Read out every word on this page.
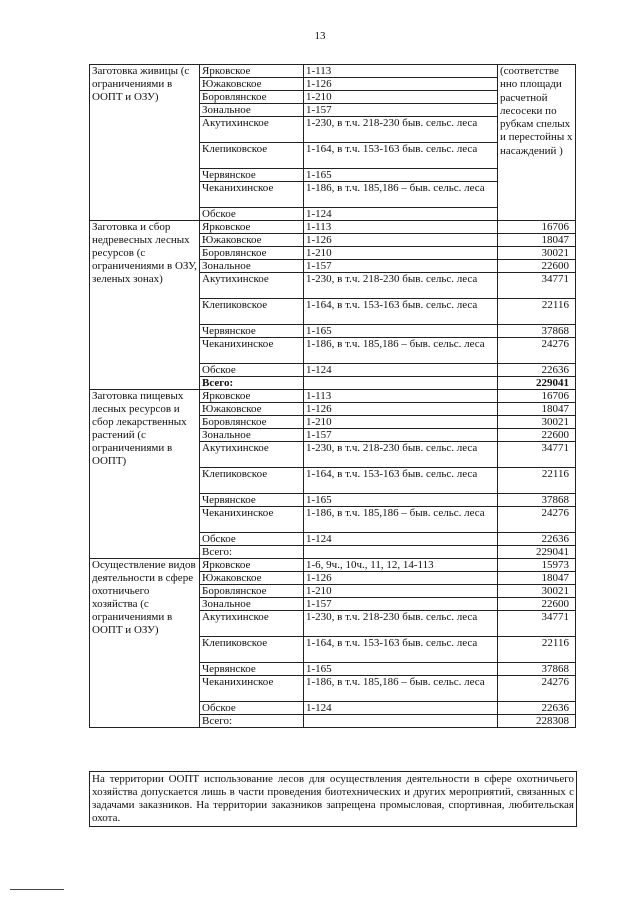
13
Заготовка живицы (с ограничениями в ООПТ и ОЗУ)	Ярковское	1-113	(соответстве нно площади расчетной лесосеки по рубкам спелых и перестойны х насаждений )
	Южаковское	1-126	
	Боровлянское	1-210	
	Зональное	1-157	
	Акутихинское	1-230, в т.ч. 218-230 быв. сельс. леса	
	Клепиковское	1-164, в т.ч. 153-163 быв. сельс. леса	
	Червянское	1-165	
	Чеканихинское	1-186, в т.ч. 185,186 – быв. сельс. леса	
	Обское	1-124	
Заготовка и сбор недревесных лесных ресурсов (с ограничениями в ОЗУ, зеленых зонах)	Ярковское	1-113	16706
	Южаковское	1-126	18047
	Боровлянское	1-210	30021
	Зональное	1-157	22600
	Акутихинское	1-230, в т.ч. 218-230 быв. сельс. леса	34771
	Клепиковское	1-164, в т.ч. 153-163 быв. сельс. леса	22116
	Червянское	1-165	37868
	Чеканихинское	1-186, в т.ч. 185,186 – быв. сельс. леса	24276
	Обское	1-124	22636
	Всего:		229041
Заготовка пищевых лесных ресурсов и сбор лекарственных растений (с ограничениями в ООПТ)	Ярковское	1-113	16706
	Южаковское	1-126	18047
	Боровлянское	1-210	30021
	Зональное	1-157	22600
	Акутихинское	1-230, в т.ч. 218-230 быв. сельс. леса	34771
	Клепиковское	1-164, в т.ч. 153-163 быв. сельс. леса	22116
	Червянское	1-165	37868
	Чеканихинское	1-186, в т.ч. 185,186 – быв. сельс. леса	24276
	Обское	1-124	22636
	Всего:		229041
Осуществление видов деятельности в сфере охотничьего хозяйства (с ограничениями в ООПТ и ОЗУ)	Ярковское	1-6, 9ч., 10ч., 11, 12, 14-113	15973
	Южаковское	1-126	18047
	Боровлянское	1-210	30021
	Зональное	1-157	22600
	Акутихинское	1-230, в т.ч. 218-230 быв. сельс. леса	34771
	Клепиковское	1-164, в т.ч. 153-163 быв. сельс. леса	22116
	Червянское	1-165	37868
	Чеканихинское	1-186, в т.ч. 185,186 – быв. сельс. леса	24276
	Обское	1-124	22636
	Всего:		228308
На территории ООПТ использование лесов для осуществления деятельности в сфере охотничьего хозяйства допускается лишь в части проведения биотехнических и других мероприятий, связанных с задачами заказников. На территории заказников запрещена промысловая, спортивная, любительская охота.
